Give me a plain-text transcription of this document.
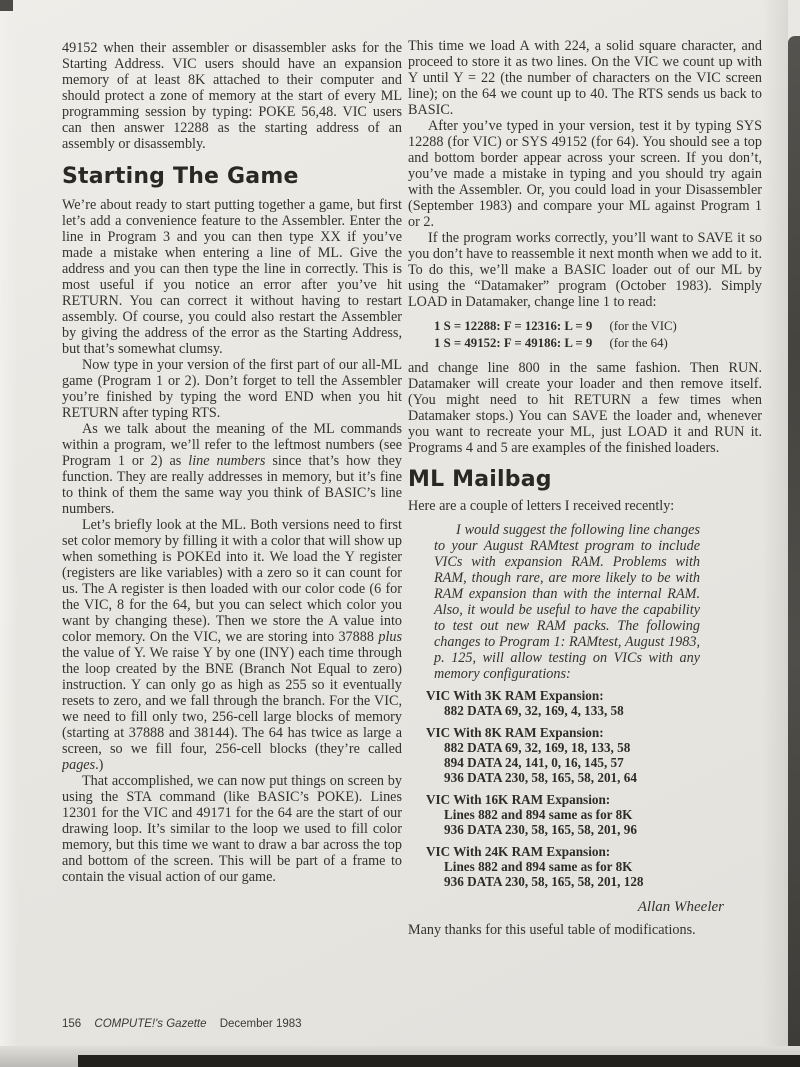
49152 when their assembler or disassembler asks for the Starting Address. VIC users should have an expansion memory of at least 8K attached to their computer and should protect a zone of memory at the start of every ML programming session by typing: POKE 56,48. VIC users can then answer 12288 as the starting address of an assembly or disassembly.

Starting The Game

We’re about ready to start putting together a game, but first let’s add a convenience feature to the Assembler. Enter the line in Program 3 and you can then type XX if you’ve made a mistake when entering a line of ML. Give the address and you can then type the line in correctly. This is most useful if you notice an error after you’ve hit RETURN. You can correct it without having to restart assembly. Of course, you could also restart the Assembler by giving the address of the error as the Starting Address, but that’s somewhat clumsy.

Now type in your version of the first part of our all-ML game (Program 1 or 2). Don’t forget to tell the Assembler you’re finished by typing the word END when you hit RETURN after typing RTS.

As we talk about the meaning of the ML commands within a program, we’ll refer to the leftmost numbers (see Program 1 or 2) as line numbers since that’s how they function. They are really addresses in memory, but it’s fine to think of them the same way you think of BASIC’s line numbers.

Let’s briefly look at the ML. Both versions need to first set color memory by filling it with a color that will show up when something is POKEd into it. We load the Y register (registers are like variables) with a zero so it can count for us. The A register is then loaded with our color code (6 for the VIC, 8 for the 64, but you can select which color you want by changing these). Then we store the A value into color memory. On the VIC, we are storing into 37888 plus the value of Y. We raise Y by one (INY) each time through the loop created by the BNE (Branch Not Equal to zero) instruction. Y can only go as high as 255 so it eventually resets to zero, and we fall through the branch. For the VIC, we need to fill only two, 256-cell large blocks of memory (starting at 37888 and 38144). The 64 has twice as large a screen, so we fill four, 256-cell blocks (they’re called pages.)

That accomplished, we can now put things on screen by using the STA command (like BASIC’s POKE). Lines 12301 for the VIC and 49171 for the 64 are the start of our drawing loop. It’s similar to the loop we used to fill color memory, but this time we want to draw a bar across the top and bottom of the screen. This will be part of a frame to contain the visual action of our game.

This time we load A with 224, a solid square character, and proceed to store it as two lines. On the VIC we count up with Y until Y = 22 (the number of characters on the VIC screen line); on the 64 we count up to 40. The RTS sends us back to BASIC.

After you’ve typed in your version, test it by typing SYS 12288 (for VIC) or SYS 49152 (for 64). You should see a top and bottom border appear across your screen. If you don’t, you’ve made a mistake in typing and you should try again with the Assembler. Or, you could load in your Disassembler (September 1983) and compare your ML against Program 1 or 2.

If the program works correctly, you’ll want to SAVE it so you don’t have to reassemble it next month when we add to it. To do this, we’ll make a BASIC loader out of our ML by using the “Datamaker” program (October 1983). Simply LOAD in Datamaker, change line 1 to read:

1 S = 12288: F = 12316: L = 9 (for the VIC)
1 S = 49152: F = 49186: L = 9 (for the 64)

and change line 800 in the same fashion. Then RUN. Datamaker will create your loader and then remove itself. (You might need to hit RETURN a few times when Datamaker stops.) You can SAVE the loader and, whenever you want to recreate your ML, just LOAD it and RUN it. Programs 4 and 5 are examples of the finished loaders.

ML Mailbag

Here are a couple of letters I received recently:

I would suggest the following line changes to your August RAMtest program to include VICs with expansion RAM. Problems with RAM, though rare, are more likely to be with RAM expansion than with the internal RAM. Also, it would be useful to have the capability to test out new RAM packs. The following changes to Program 1: RAMtest, August 1983, p. 125, will allow testing on VICs with any memory configurations:
VIC With 3K RAM Expansion:
882 DATA 69, 32, 169, 4, 133, 58
VIC With 8K RAM Expansion:
882 DATA 69, 32, 169, 18, 133, 58
894 DATA 24, 141, 0, 16, 145, 57
936 DATA 230, 58, 165, 58, 201, 64
VIC With 16K RAM Expansion:
Lines 882 and 894 same as for 8K
936 DATA 230, 58, 165, 58, 201, 96
VIC With 24K RAM Expansion:
Lines 882 and 894 same as for 8K
936 DATA 230, 58, 165, 58, 201, 128
Allan Wheeler

Many thanks for this useful table of modifications.

156 COMPUTE!'s Gazette December 1983
